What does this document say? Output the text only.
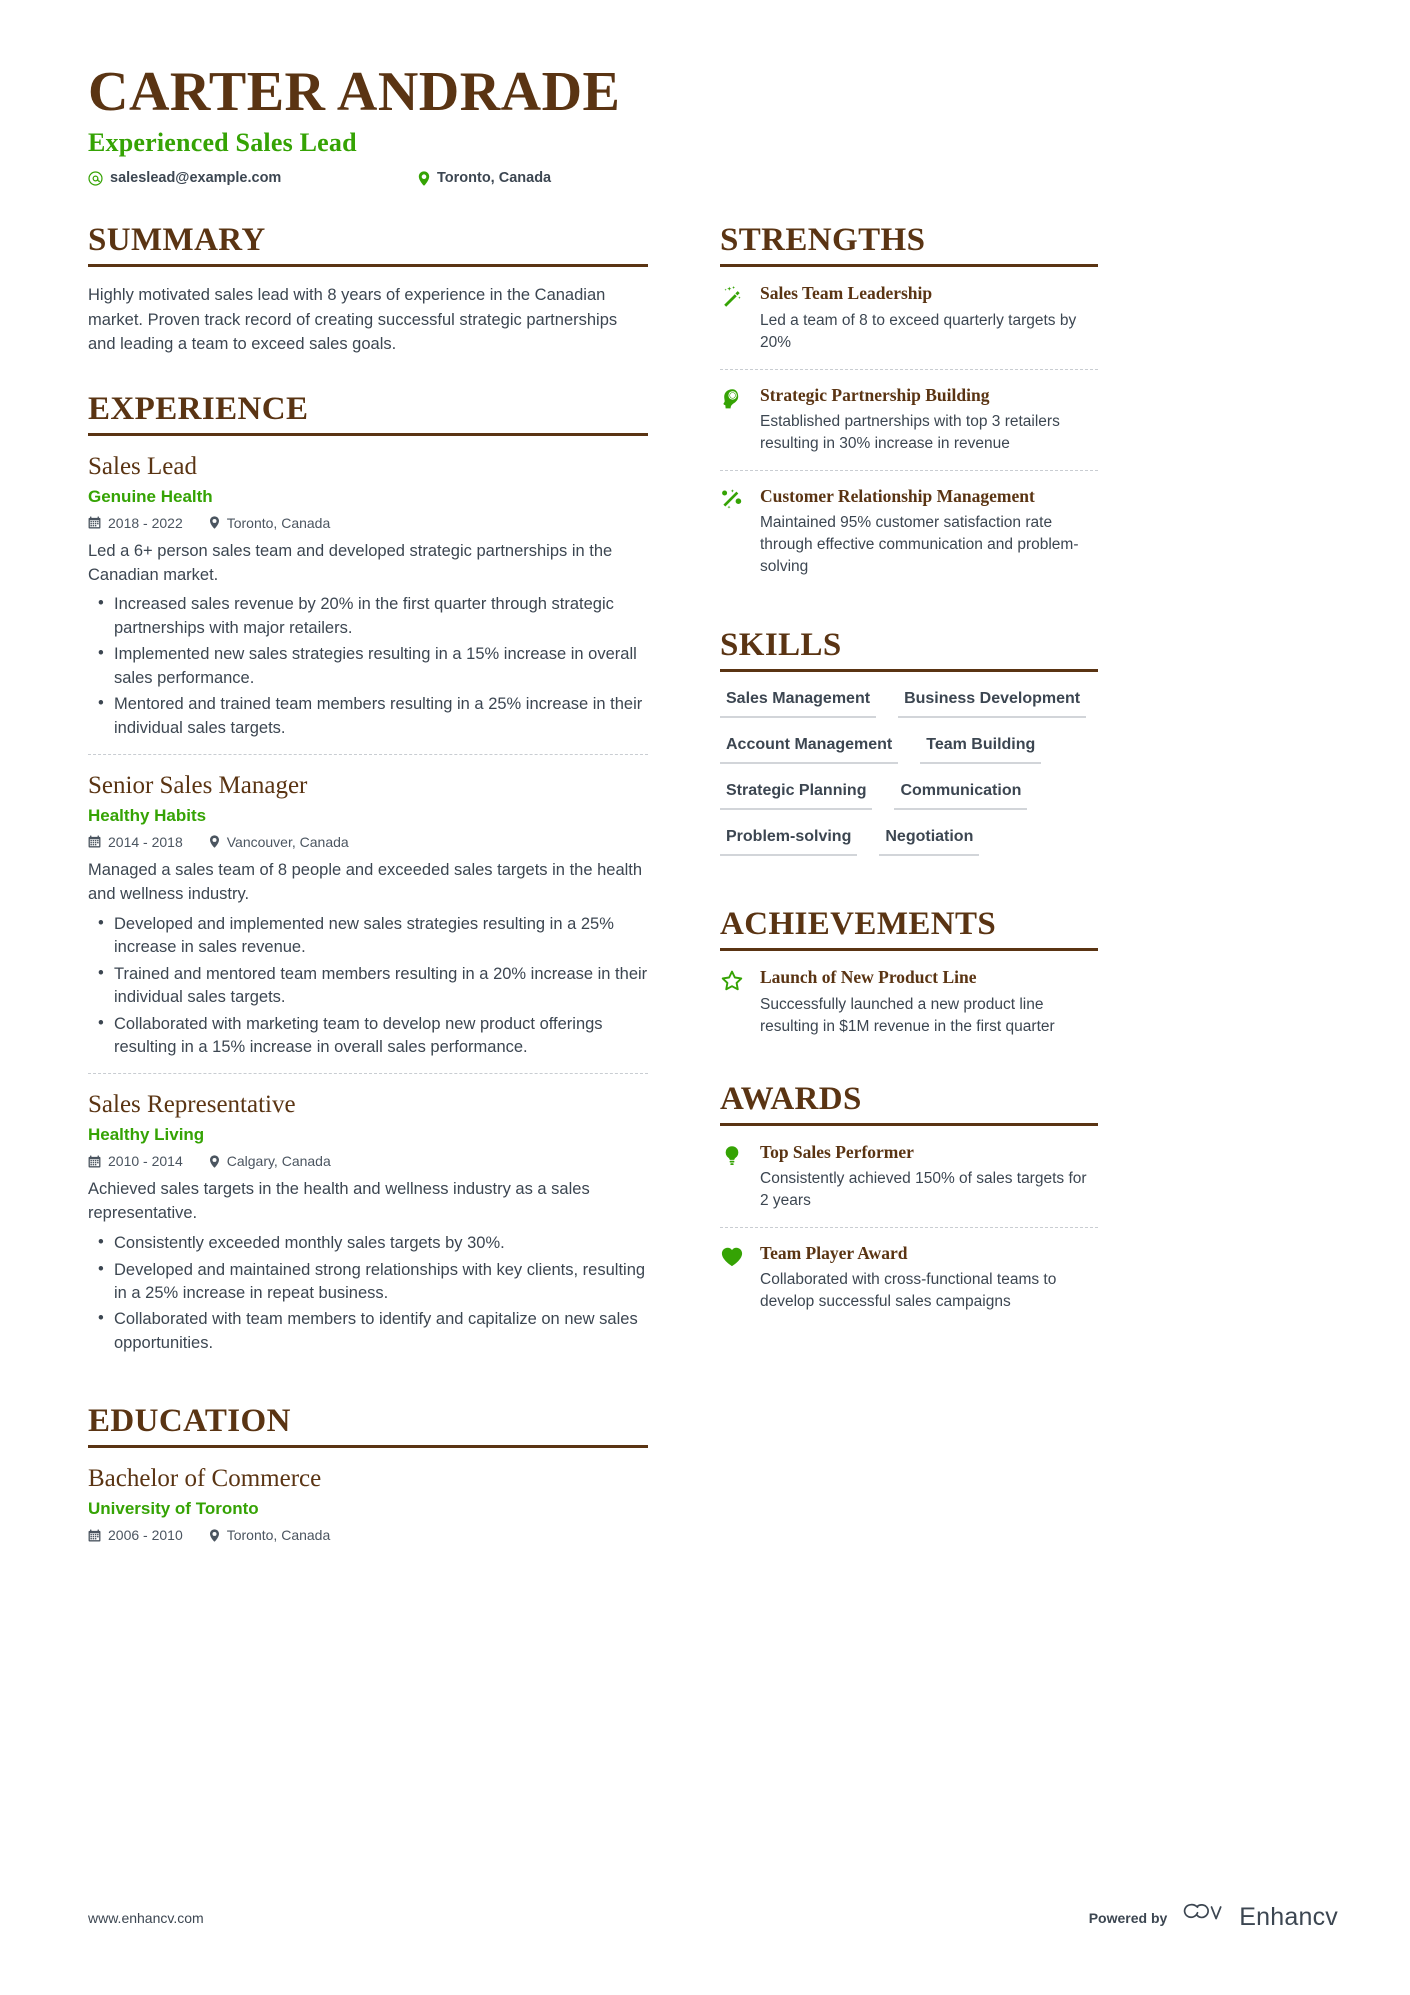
CARTER ANDRADE
Experienced Sales Lead
saleslead@example.com	Toronto, Canada
SUMMARY
Highly motivated sales lead with 8 years of experience in the Canadian market. Proven track record of creating successful strategic partnerships and leading a team to exceed sales goals.
EXPERIENCE
Sales Lead
Genuine Health
2018 - 2022	Toronto, Canada
Led a 6+ person sales team and developed strategic partnerships in the Canadian market.
• Increased sales revenue by 20% in the first quarter through strategic partnerships with major retailers.
• Implemented new sales strategies resulting in a 15% increase in overall sales performance.
• Mentored and trained team members resulting in a 25% increase in their individual sales targets.
Senior Sales Manager
Healthy Habits
2014 - 2018	Vancouver, Canada
Managed a sales team of 8 people and exceeded sales targets in the health and wellness industry.
• Developed and implemented new sales strategies resulting in a 25% increase in sales revenue.
• Trained and mentored team members resulting in a 20% increase in their individual sales targets.
• Collaborated with marketing team to develop new product offerings resulting in a 15% increase in overall sales performance.
Sales Representative
Healthy Living
2010 - 2014	Calgary, Canada
Achieved sales targets in the health and wellness industry as a sales representative.
• Consistently exceeded monthly sales targets by 30%.
• Developed and maintained strong relationships with key clients, resulting in a 25% increase in repeat business.
• Collaborated with team members to identify and capitalize on new sales opportunities.
EDUCATION
Bachelor of Commerce
University of Toronto
2006 - 2010	Toronto, Canada
STRENGTHS
Sales Team Leadership
Led a team of 8 to exceed quarterly targets by 20%
Strategic Partnership Building
Established partnerships with top 3 retailers resulting in 30% increase in revenue
Customer Relationship Management
Maintained 95% customer satisfaction rate through effective communication and problem-solving
SKILLS
Sales Management	Business Development
Account Management	Team Building
Strategic Planning	Communication
Problem-solving	Negotiation
ACHIEVEMENTS
Launch of New Product Line
Successfully launched a new product line resulting in $1M revenue in the first quarter
AWARDS
Top Sales Performer
Consistently achieved 150% of sales targets for 2 years
Team Player Award
Collaborated with cross-functional teams to develop successful sales campaigns
www.enhancv.com	Powered by	Enhancv
